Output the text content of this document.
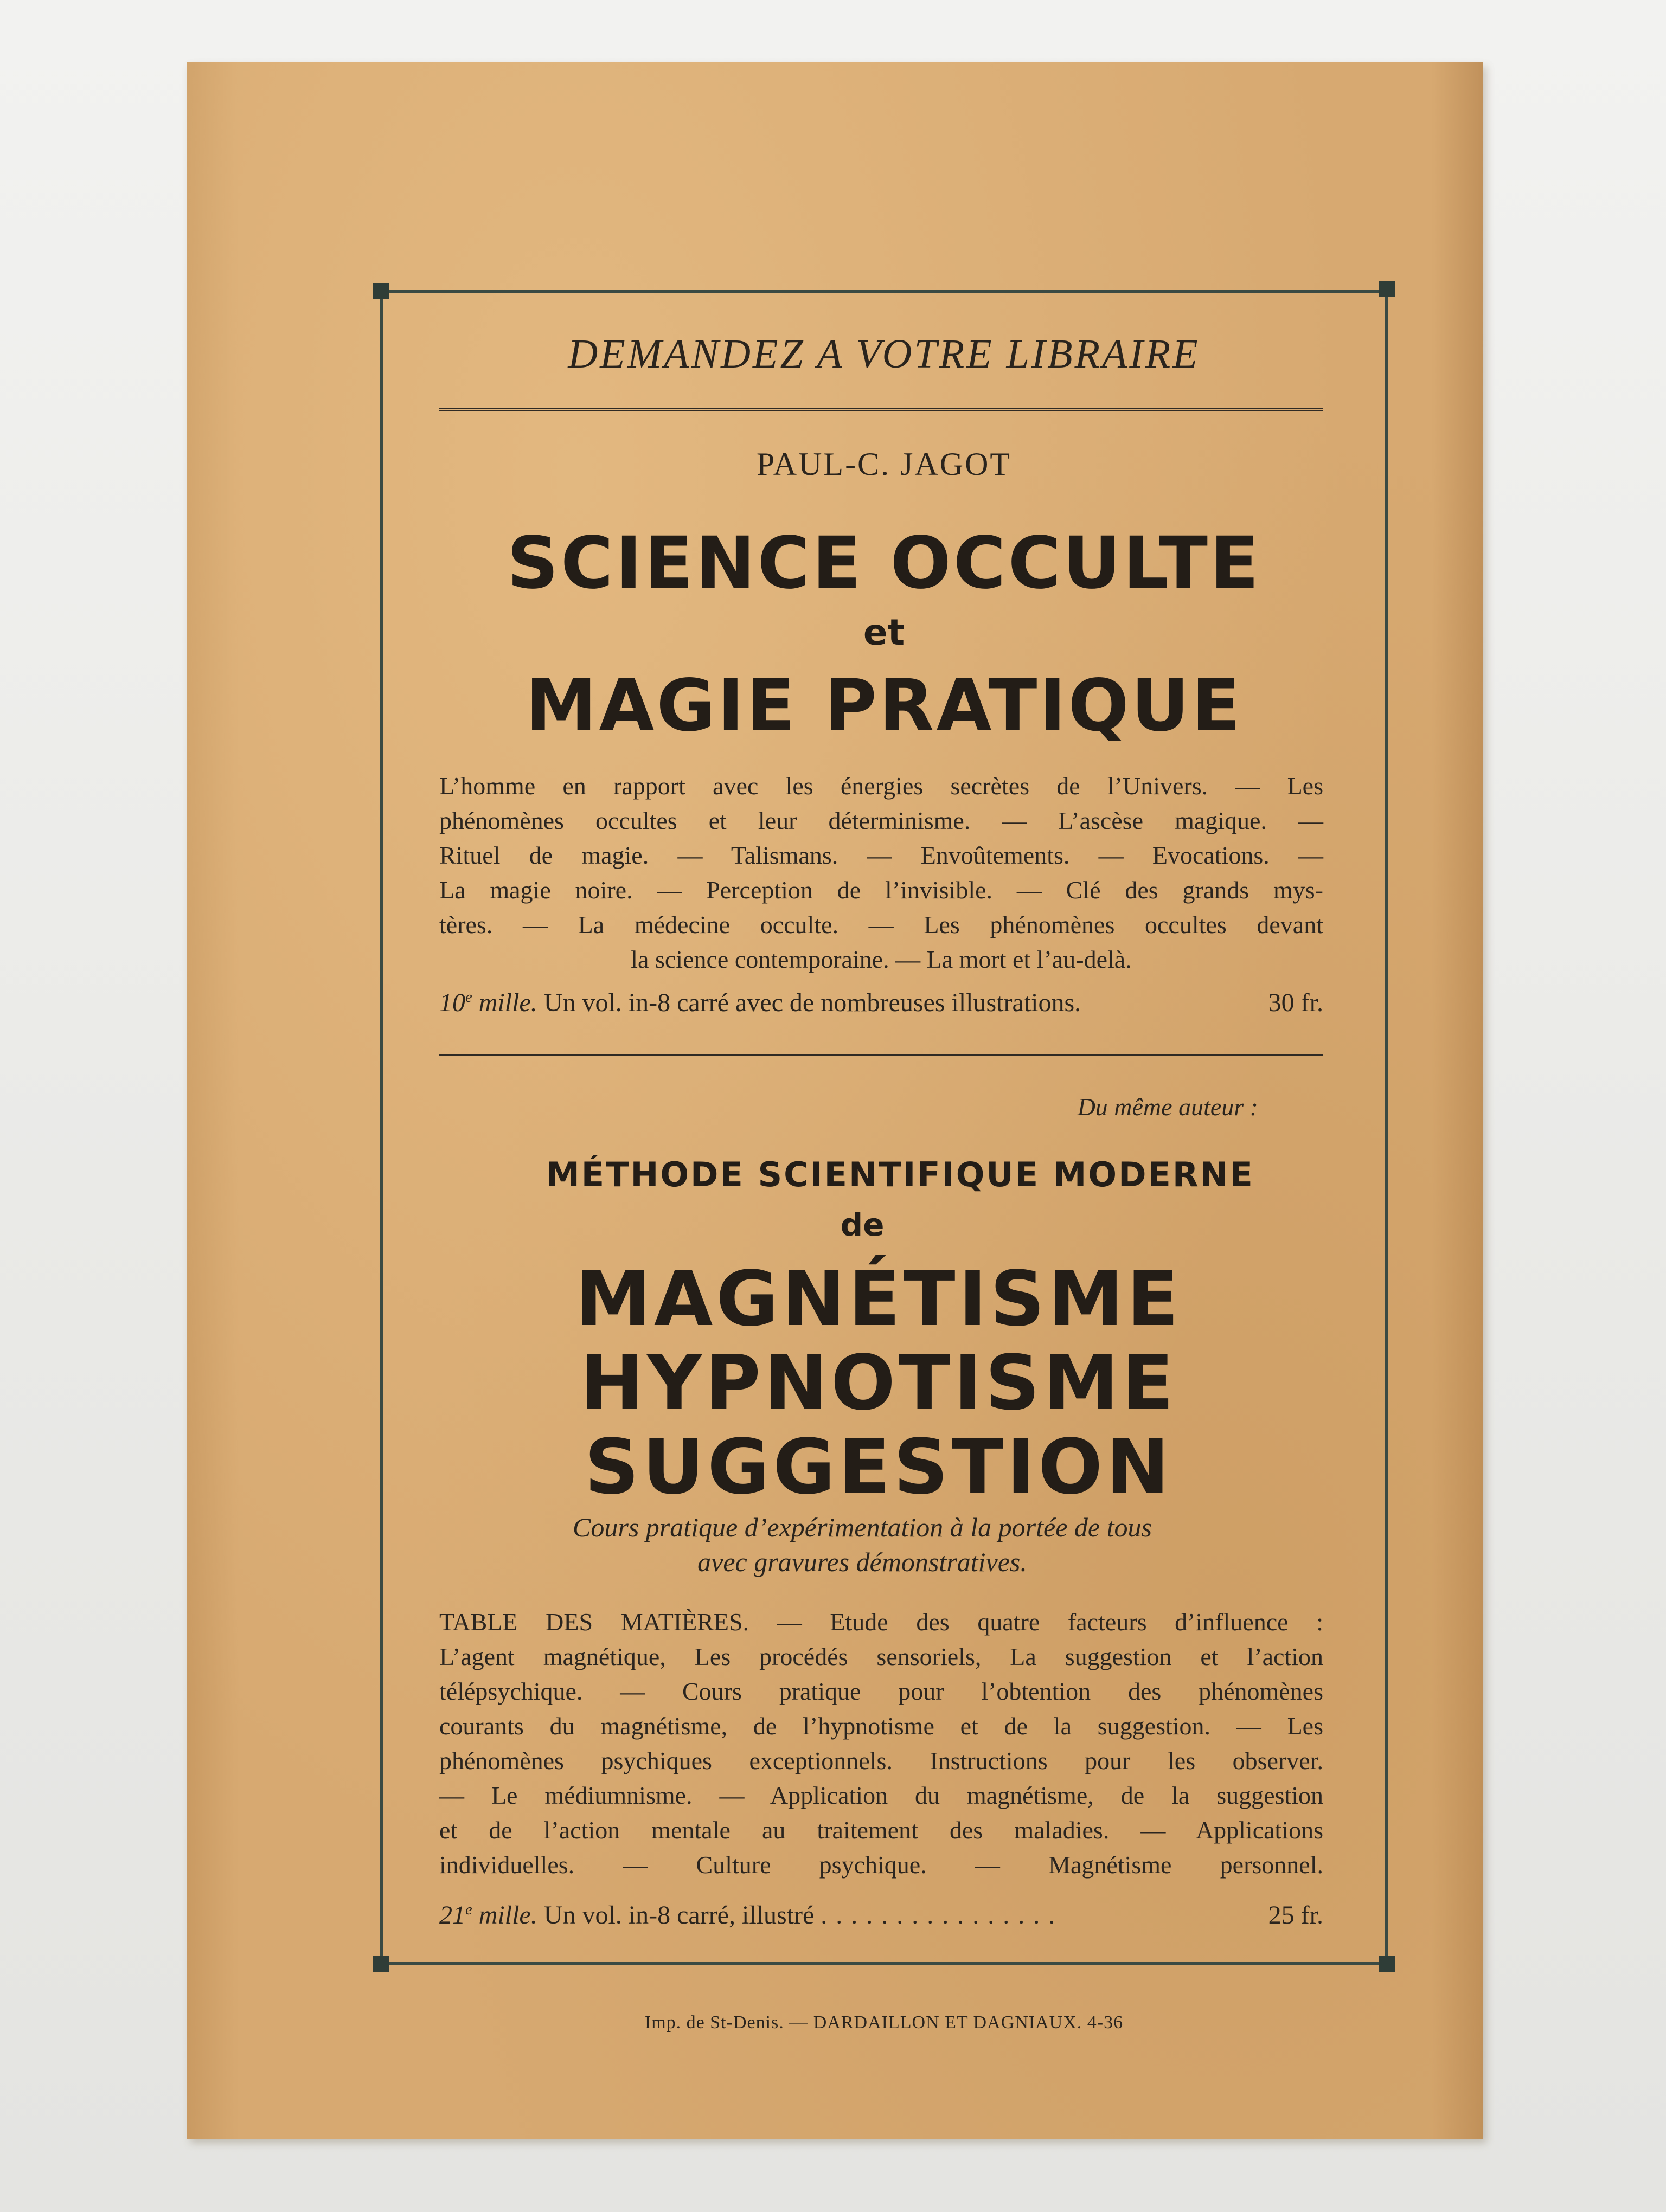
DEMANDEZ A VOTRE LIBRAIRE
PAUL-C. JAGOT
SCIENCE OCCULTE
et
MAGIE PRATIQUE
L’homme en rapport avec les énergies secrètes de l’Univers. — Les
phénomènes occultes et leur déterminisme. — L’ascèse magique. —
Rituel de magie. — Talismans. — Envoûtements. — Evocations. —
La magie noire. — Perception de l’invisible. — Clé des grands mys-
tères. — La médecine occulte. — Les phénomènes occultes devant
la science contemporaine. — La mort et l’au-delà.
10e mille. Un vol. in-8 carré avec de nombreuses illustrations.	30 fr.
Du même auteur :
MÉTHODE SCIENTIFIQUE MODERNE
de
MAGNÉTISME
HYPNOTISME
SUGGESTION
Cours pratique d’expérimentation à la portée de tous
avec gravures démonstratives.
TABLE DES MATIÈRES. — Etude des quatre facteurs d’influence :
L’agent magnétique, Les procédés sensoriels, La suggestion et l’action
télépsychique. — Cours pratique pour l’obtention des phénomènes
courants du magnétisme, de l’hypnotisme et de la suggestion. — Les
phénomènes psychiques exceptionnels. Instructions pour les observer.
— Le médiumnisme. — Application du magnétisme, de la suggestion
et de l’action mentale au traitement des maladies. — Applications
individuelles. — Culture psychique. — Magnétisme personnel.
21e mille. Un vol. in-8 carré, illustré . . . . . . . . . . . . . . . .	25 fr.
Imp. de St-Denis. — DARDAILLON ET DAGNIAUX. 4-36
